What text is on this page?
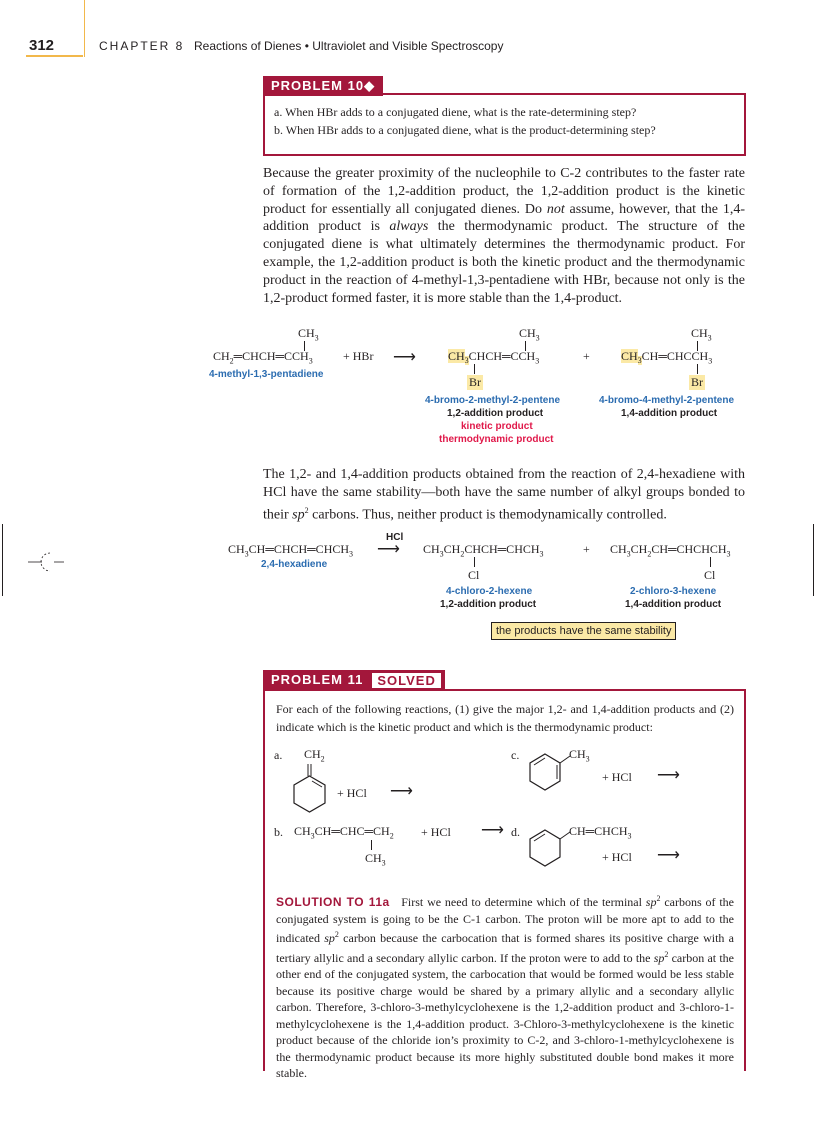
312	CHAPTER 8 Reactions of Dienes • Ultraviolet and Visible Spectroscopy
PROBLEM 10◆
a. When HBr adds to a conjugated diene, what is the rate-determining step?
b. When HBr adds to a conjugated diene, what is the product-determining step?
Because the greater proximity of the nucleophile to C-2 contributes to the faster rate of formation of the 1,2-addition product, the 1,2-addition product is the kinetic product for essentially all conjugated dienes. Do not assume, however, that the 1,4-addition product is always the thermodynamic product. The structure of the conjugated diene is what ultimately determines the thermodynamic product. For example, the 1,2-addition product is both the kinetic product and the thermodynamic product in the reaction of 4-methyl-1,3-pentadiene with HBr, because not only is the 1,2-product formed faster, it is more stable than the 1,4-product.
$CH_3$
$CH_2═CHCH═CCH_3$	+ HBr ⟶
4-methyl-1,3-pentadiene
$CH_3$
$CH_3CHCH═CCH_3$
Br
+
$CH_3$
$CH_3CH═CHCCH_3$
Br
4-bromo-2-methyl-2-pentene
1,2-addition product
kinetic product
thermodynamic product
4-bromo-4-methyl-2-pentene
1,4-addition product
The 1,2- and 1,4-addition products obtained from the reaction of 2,4-hexadiene with HCl have the same stability—both have the same number of alkyl groups bonded to their $sp^2$ carbons. Thus, neither product is themodynamically controlled.
$CH_3CH═CHCH═CHCH_3$
2,4-hexadiene
HCl
⟶ $CH_3CH_2CHCH═CHCH_3$
Cl
+ $CH_3CH_2CH═CHCHCH_3$
Cl
4-chloro-2-hexene
1,2-addition product
2-chloro-3-hexene
1,4-addition product
the products have the same stability
PROBLEM 11	SOLVED
For each of the following reactions, (1) give the major 1,2- and 1,4-addition products and (2) indicate which is the kinetic product and which is the thermodynamic product:
a. $CH_2$
+ HCl ⟶
b. $CH_3CH═CHC═CH_2$
$CH_3$
+ HCl ⟶
c.	$CH_3$
+ HCl ⟶
d.	$CH═CHCH_3$
+ HCl ⟶
SOLUTION TO 11a First we need to determine which of the terminal $sp^2$ carbons of the conjugated system is going to be the C-1 carbon. The proton will be more apt to add to the indicated $sp^2$ carbon because the carbocation that is formed shares its positive charge with a tertiary allylic and a secondary allylic carbon. If the proton were to add to the $sp^2$ carbon at the other end of the conjugated system, the carbocation that would be formed would be less stable because its positive charge would be shared by a primary allylic and a secondary allylic carbon. Therefore, 3-chloro-3-methylcyclohexene is the 1,2-addition product and 3-chloro-1-methylcyclohexene is the 1,4-addition product. 3-Chloro-3-methylcyclohexene is the kinetic product because of the chloride ion’s proximity to C-2, and 3-chloro-1-methylcyclohexene is the thermodynamic product because its more highly substituted double bond makes it more stable.
